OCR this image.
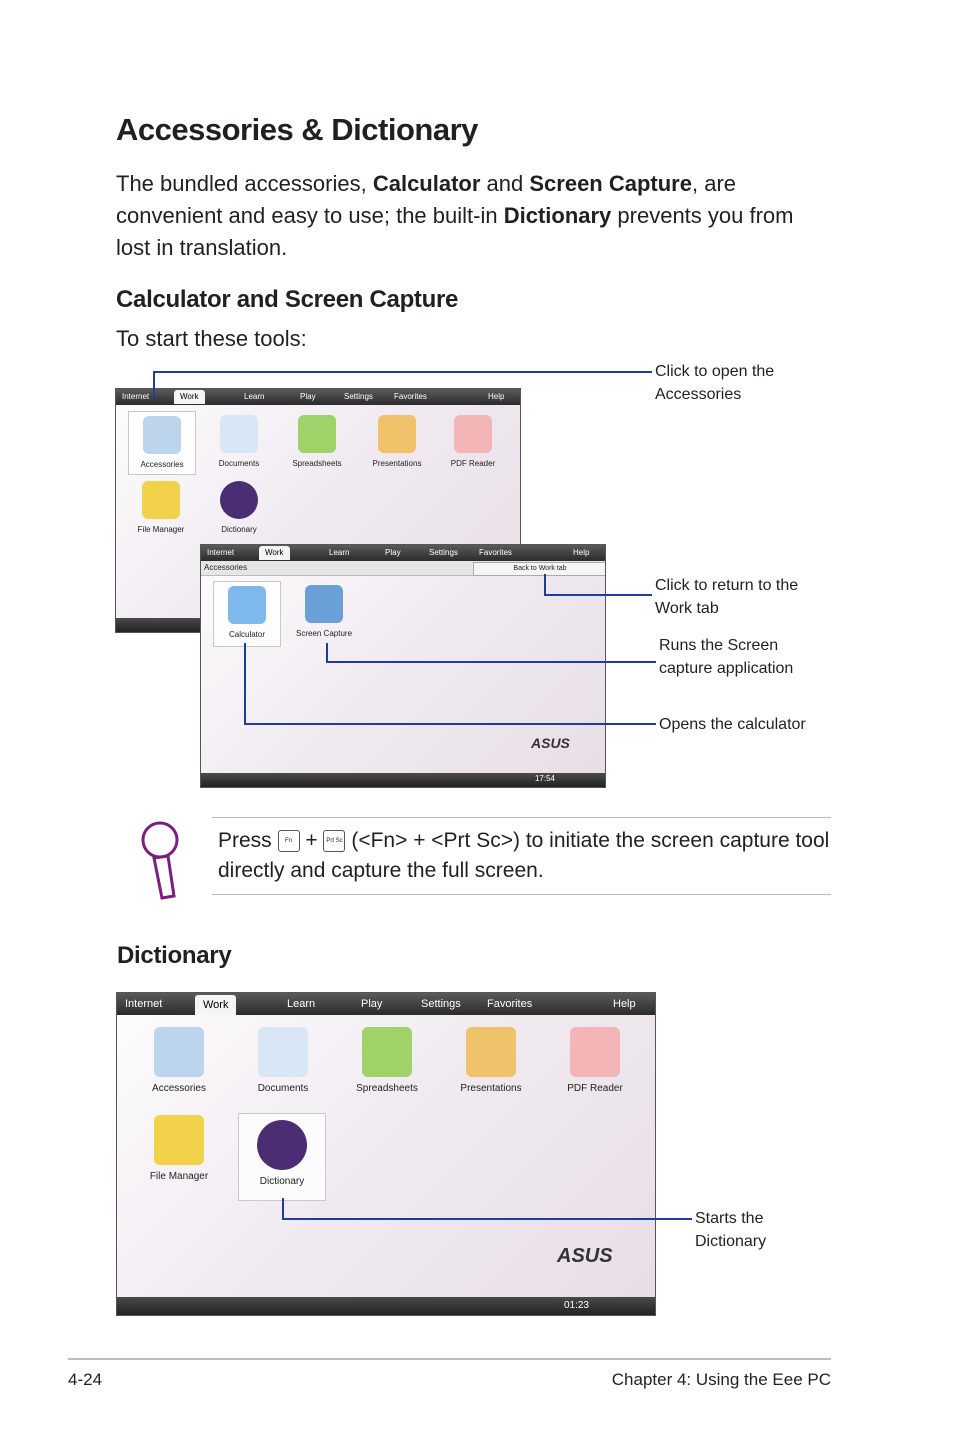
Accessories & Dictionary

The bundled accessories, Calculator and Screen Capture, are convenient and easy to use; the built-in Dictionary prevents you from lost in translation.

Calculator and Screen Capture

To start these tools:

Internet	Work	Learn	Play	Settings	Favorites	Help
Accessories	Documents	Spreadsheets	Presentations	PDF Reader
File Manager	Dictionary
Internet	Work	Learn	Play	Settings	Favorites	Help
Accessories	Back to Work tab
Calculator	Screen Capture
ASUS
17:54
Click to open the Accessories
Click to return to the Work tab
Runs the Screen capture application
Opens the calculator

Press Fn + Prt Sc (<Fn> + <Prt Sc>) to initiate the screen capture tool directly and capture the full screen.

Dictionary
Internet	Work	Learn	Play	Settings Favorites	Help
Accessories	Documents	Spreadsheets	Presentations	PDF Reader
File Manager	Dictionary
ASUS
01:23
Starts the Dictionary
4-24	Chapter 4: Using the Eee PC
